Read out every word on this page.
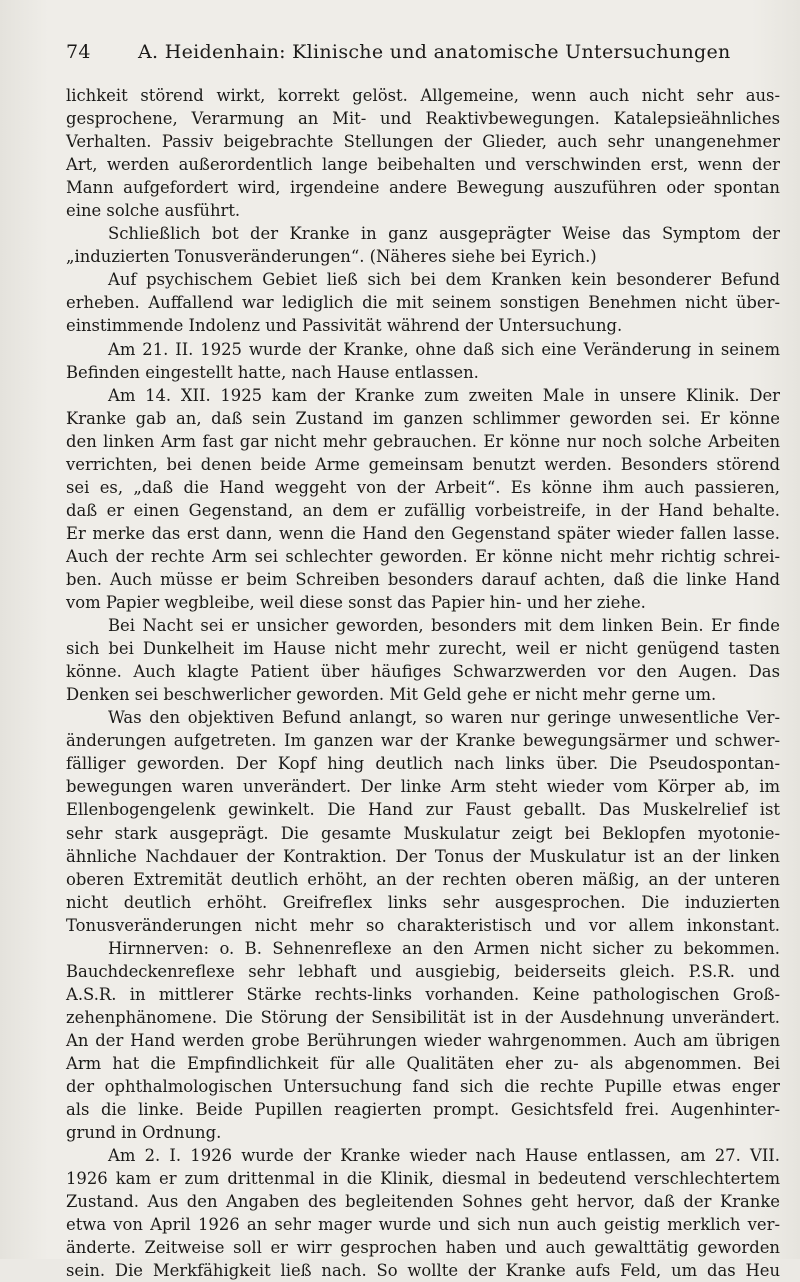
74	A. Heidenhain: Klinische und anatomische Untersuchungen
lichkeit störend wirkt, korrekt gelöst. Allgemeine, wenn auch nicht sehr aus-
gesprochene, Verarmung an Mit- und Reaktivbewegungen. Katalepsieähnliches
Verhalten. Passiv beigebrachte Stellungen der Glieder, auch sehr unangenehmer
Art, werden außerordentlich lange beibehalten und verschwinden erst, wenn der
Mann aufgefordert wird, irgendeine andere Bewegung auszuführen oder spontan
eine solche ausführt.
Schließlich bot der Kranke in ganz ausgeprägter Weise das Symptom der
„induzierten Tonusveränderungen“. (Näheres siehe bei Eyrich.)
Auf psychischem Gebiet ließ sich bei dem Kranken kein besonderer Befund
erheben. Auffallend war lediglich die mit seinem sonstigen Benehmen nicht über-
einstimmende Indolenz und Passivität während der Untersuchung.
Am 21. II. 1925 wurde der Kranke, ohne daß sich eine Veränderung in seinem
Befinden eingestellt hatte, nach Hause entlassen.
Am 14. XII. 1925 kam der Kranke zum zweiten Male in unsere Klinik. Der
Kranke gab an, daß sein Zustand im ganzen schlimmer geworden sei. Er könne
den linken Arm fast gar nicht mehr gebrauchen. Er könne nur noch solche Arbeiten
verrichten, bei denen beide Arme gemeinsam benutzt werden. Besonders störend
sei es, „daß die Hand weggeht von der Arbeit“. Es könne ihm auch passieren,
daß er einen Gegenstand, an dem er zufällig vorbeistreife, in der Hand behalte.
Er merke das erst dann, wenn die Hand den Gegenstand später wieder fallen lasse.
Auch der rechte Arm sei schlechter geworden. Er könne nicht mehr richtig schrei-
ben. Auch müsse er beim Schreiben besonders darauf achten, daß die linke Hand
vom Papier wegbleibe, weil diese sonst das Papier hin- und her ziehe.
Bei Nacht sei er unsicher geworden, besonders mit dem linken Bein. Er finde
sich bei Dunkelheit im Hause nicht mehr zurecht, weil er nicht genügend tasten
könne. Auch klagte Patient über häufiges Schwarzwerden vor den Augen. Das
Denken sei beschwerlicher geworden. Mit Geld gehe er nicht mehr gerne um.
Was den objektiven Befund anlangt, so waren nur geringe unwesentliche Ver-
änderungen aufgetreten. Im ganzen war der Kranke bewegungsärmer und schwer-
fälliger geworden. Der Kopf hing deutlich nach links über. Die Pseudospontan-
bewegungen waren unverändert. Der linke Arm steht wieder vom Körper ab, im
Ellenbogengelenk gewinkelt. Die Hand zur Faust geballt. Das Muskelrelief ist
sehr stark ausgeprägt. Die gesamte Muskulatur zeigt bei Beklopfen myotonie-
ähnliche Nachdauer der Kontraktion. Der Tonus der Muskulatur ist an der linken
oberen Extremität deutlich erhöht, an der rechten oberen mäßig, an der unteren
nicht deutlich erhöht. Greifreflex links sehr ausgesprochen. Die induzierten
Tonusveränderungen nicht mehr so charakteristisch und vor allem inkonstant.
Hirnnerven: o. B. Sehnenreflexe an den Armen nicht sicher zu bekommen.
Bauchdeckenreflexe sehr lebhaft und ausgiebig, beiderseits gleich. P.S.R. und
A.S.R. in mittlerer Stärke rechts-links vorhanden. Keine pathologischen Groß-
zehenphänomene. Die Störung der Sensibilität ist in der Ausdehnung unverändert.
An der Hand werden grobe Berührungen wieder wahrgenommen. Auch am übrigen
Arm hat die Empfindlichkeit für alle Qualitäten eher zu- als abgenommen. Bei
der ophthalmologischen Untersuchung fand sich die rechte Pupille etwas enger
als die linke. Beide Pupillen reagierten prompt. Gesichtsfeld frei. Augenhinter-
grund in Ordnung.
Am 2. I. 1926 wurde der Kranke wieder nach Hause entlassen, am 27. VII.
1926 kam er zum drittenmal in die Klinik, diesmal in bedeutend verschlechtertem
Zustand. Aus den Angaben des begleitenden Sohnes geht hervor, daß der Kranke
etwa von April 1926 an sehr mager wurde und sich nun auch geistig merklich ver-
änderte. Zeitweise soll er wirr gesprochen haben und auch gewalttätig geworden
sein. Die Merkfähigkeit ließ nach. So wollte der Kranke aufs Feld, um das Heu
